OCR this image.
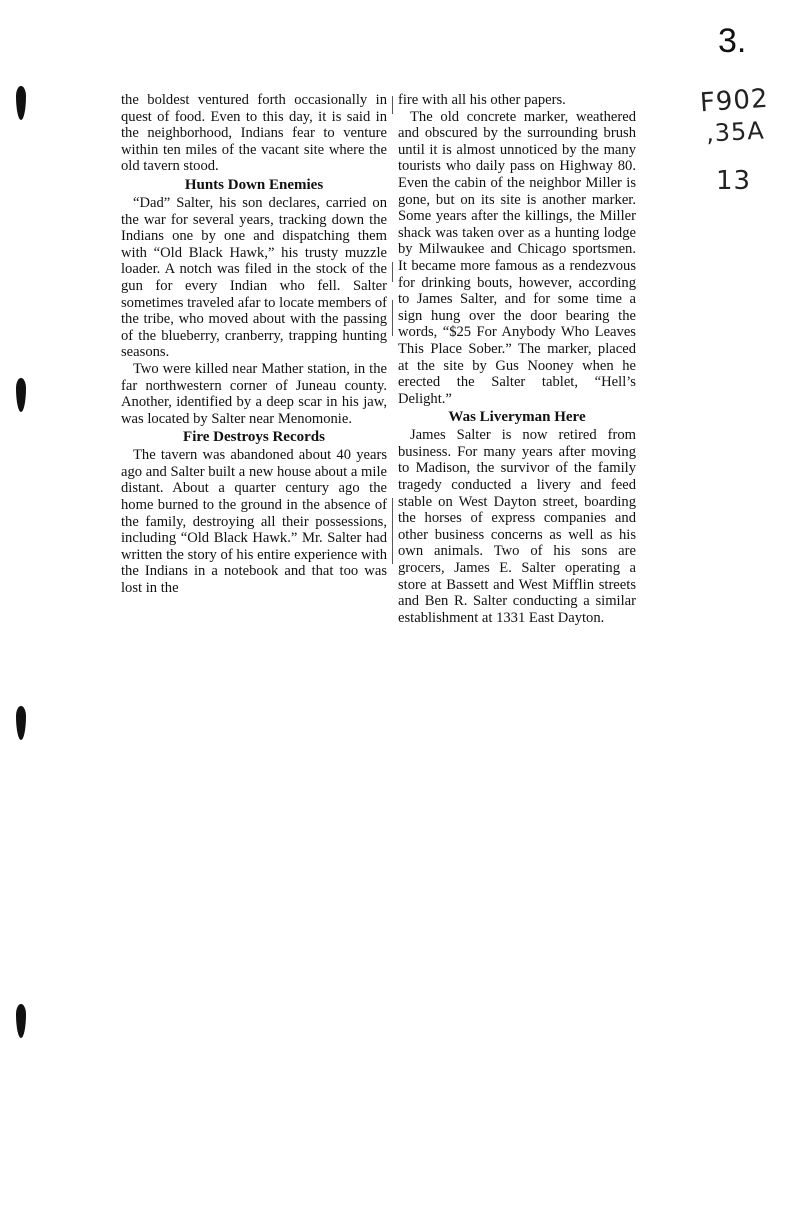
3.
F902
,35A
13

the boldest ventured forth occasionally in quest of food. Even to this day, it is said in the neighborhood, Indians fear to venture within ten miles of the vacant site where the old tavern stood.

Hunts Down Enemies

“Dad” Salter, his son declares, carried on the war for several years, tracking down the Indians one by one and dispatching them with “Old Black Hawk,” his trusty muzzle loader. A notch was filed in the stock of the gun for every Indian who fell. Salter sometimes traveled afar to locate members of the tribe, who moved about with the passing of the blueberry, cranberry, trapping hunting seasons.

Two were killed near Mather station, in the far northwestern corner of Juneau county. Another, identified by a deep scar in his jaw, was located by Salter near Menomonie.

Fire Destroys Records

The tavern was abandoned about 40 years ago and Salter built a new house about a mile distant. About a quarter century ago the home burned to the ground in the absence of the family, destroying all their possessions, including “Old Black Hawk.” Mr. Salter had written the story of his entire experience with the Indians in a notebook and that too was lost in the

fire with all his other papers.

The old concrete marker, weathered and obscured by the surrounding brush until it is almost unnoticed by the many tourists who daily pass on Highway 80. Even the cabin of the neighbor Miller is gone, but on its site is another marker. Some years after the killings, the Miller shack was taken over as a hunting lodge by Milwaukee and Chicago sportsmen. It became more famous as a rendezvous for drinking bouts, however, according to James Salter, and for some time a sign hung over the door bearing the words, “$25 For Anybody Who Leaves This Place Sober.” The marker, placed at the site by Gus Nooney when he erected the Salter tablet, “Hell’s Delight.”

Was Liveryman Here

James Salter is now retired from business. For many years after moving to Madison, the survivor of the family tragedy conducted a livery and feed stable on West Dayton street, boarding the horses of express companies and other business concerns as well as his own animals. Two of his sons are grocers, James E. Salter operating a store at Bassett and West Mifflin streets and Ben R. Salter conducting a similar establishment at 1331 East Dayton.
